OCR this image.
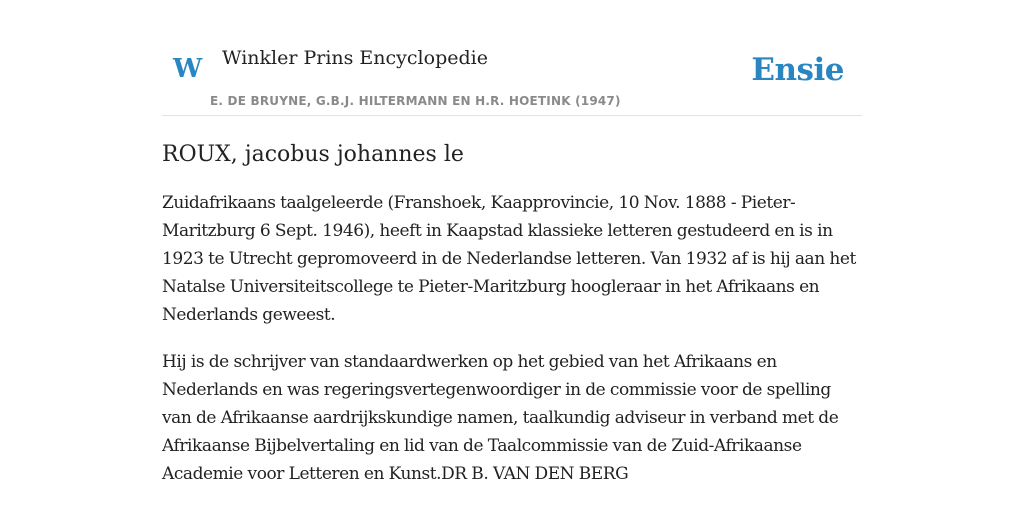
W Winkler Prins Encyclopedie
E. DE BRUYNE, G.B.J. HILTERMANN EN H.R. HOETINK (1947)
Ensie
ROUX, jacobus johannes le

Zuidafrikaans taalgeleerde (Franshoek, Kaapprovincie, 10 Nov. 1888 - Pieter-Maritzburg 6 Sept. 1946), heeft in Kaapstad klassieke letteren gestudeerd en is in 1923 te Utrecht gepromoveerd in de Nederlandse letteren. Van 1932 af is hij aan het Natalse Universiteitscollege te Pieter-Maritzburg hoogleraar in het Afrikaans en Nederlands geweest.

Hij is de schrijver van standaardwerken op het gebied van het Afrikaans en Nederlands en was regeringsvertegenwoordiger in de commissie voor de spelling van de Afrikaanse aardrijkskundige namen, taalkundig adviseur in verband met de Afrikaanse Bijbelvertaling en lid van de Taalcommissie van de Zuid-Afrikaanse Academie voor Letteren en Kunst.DR B. VAN DEN BERG
